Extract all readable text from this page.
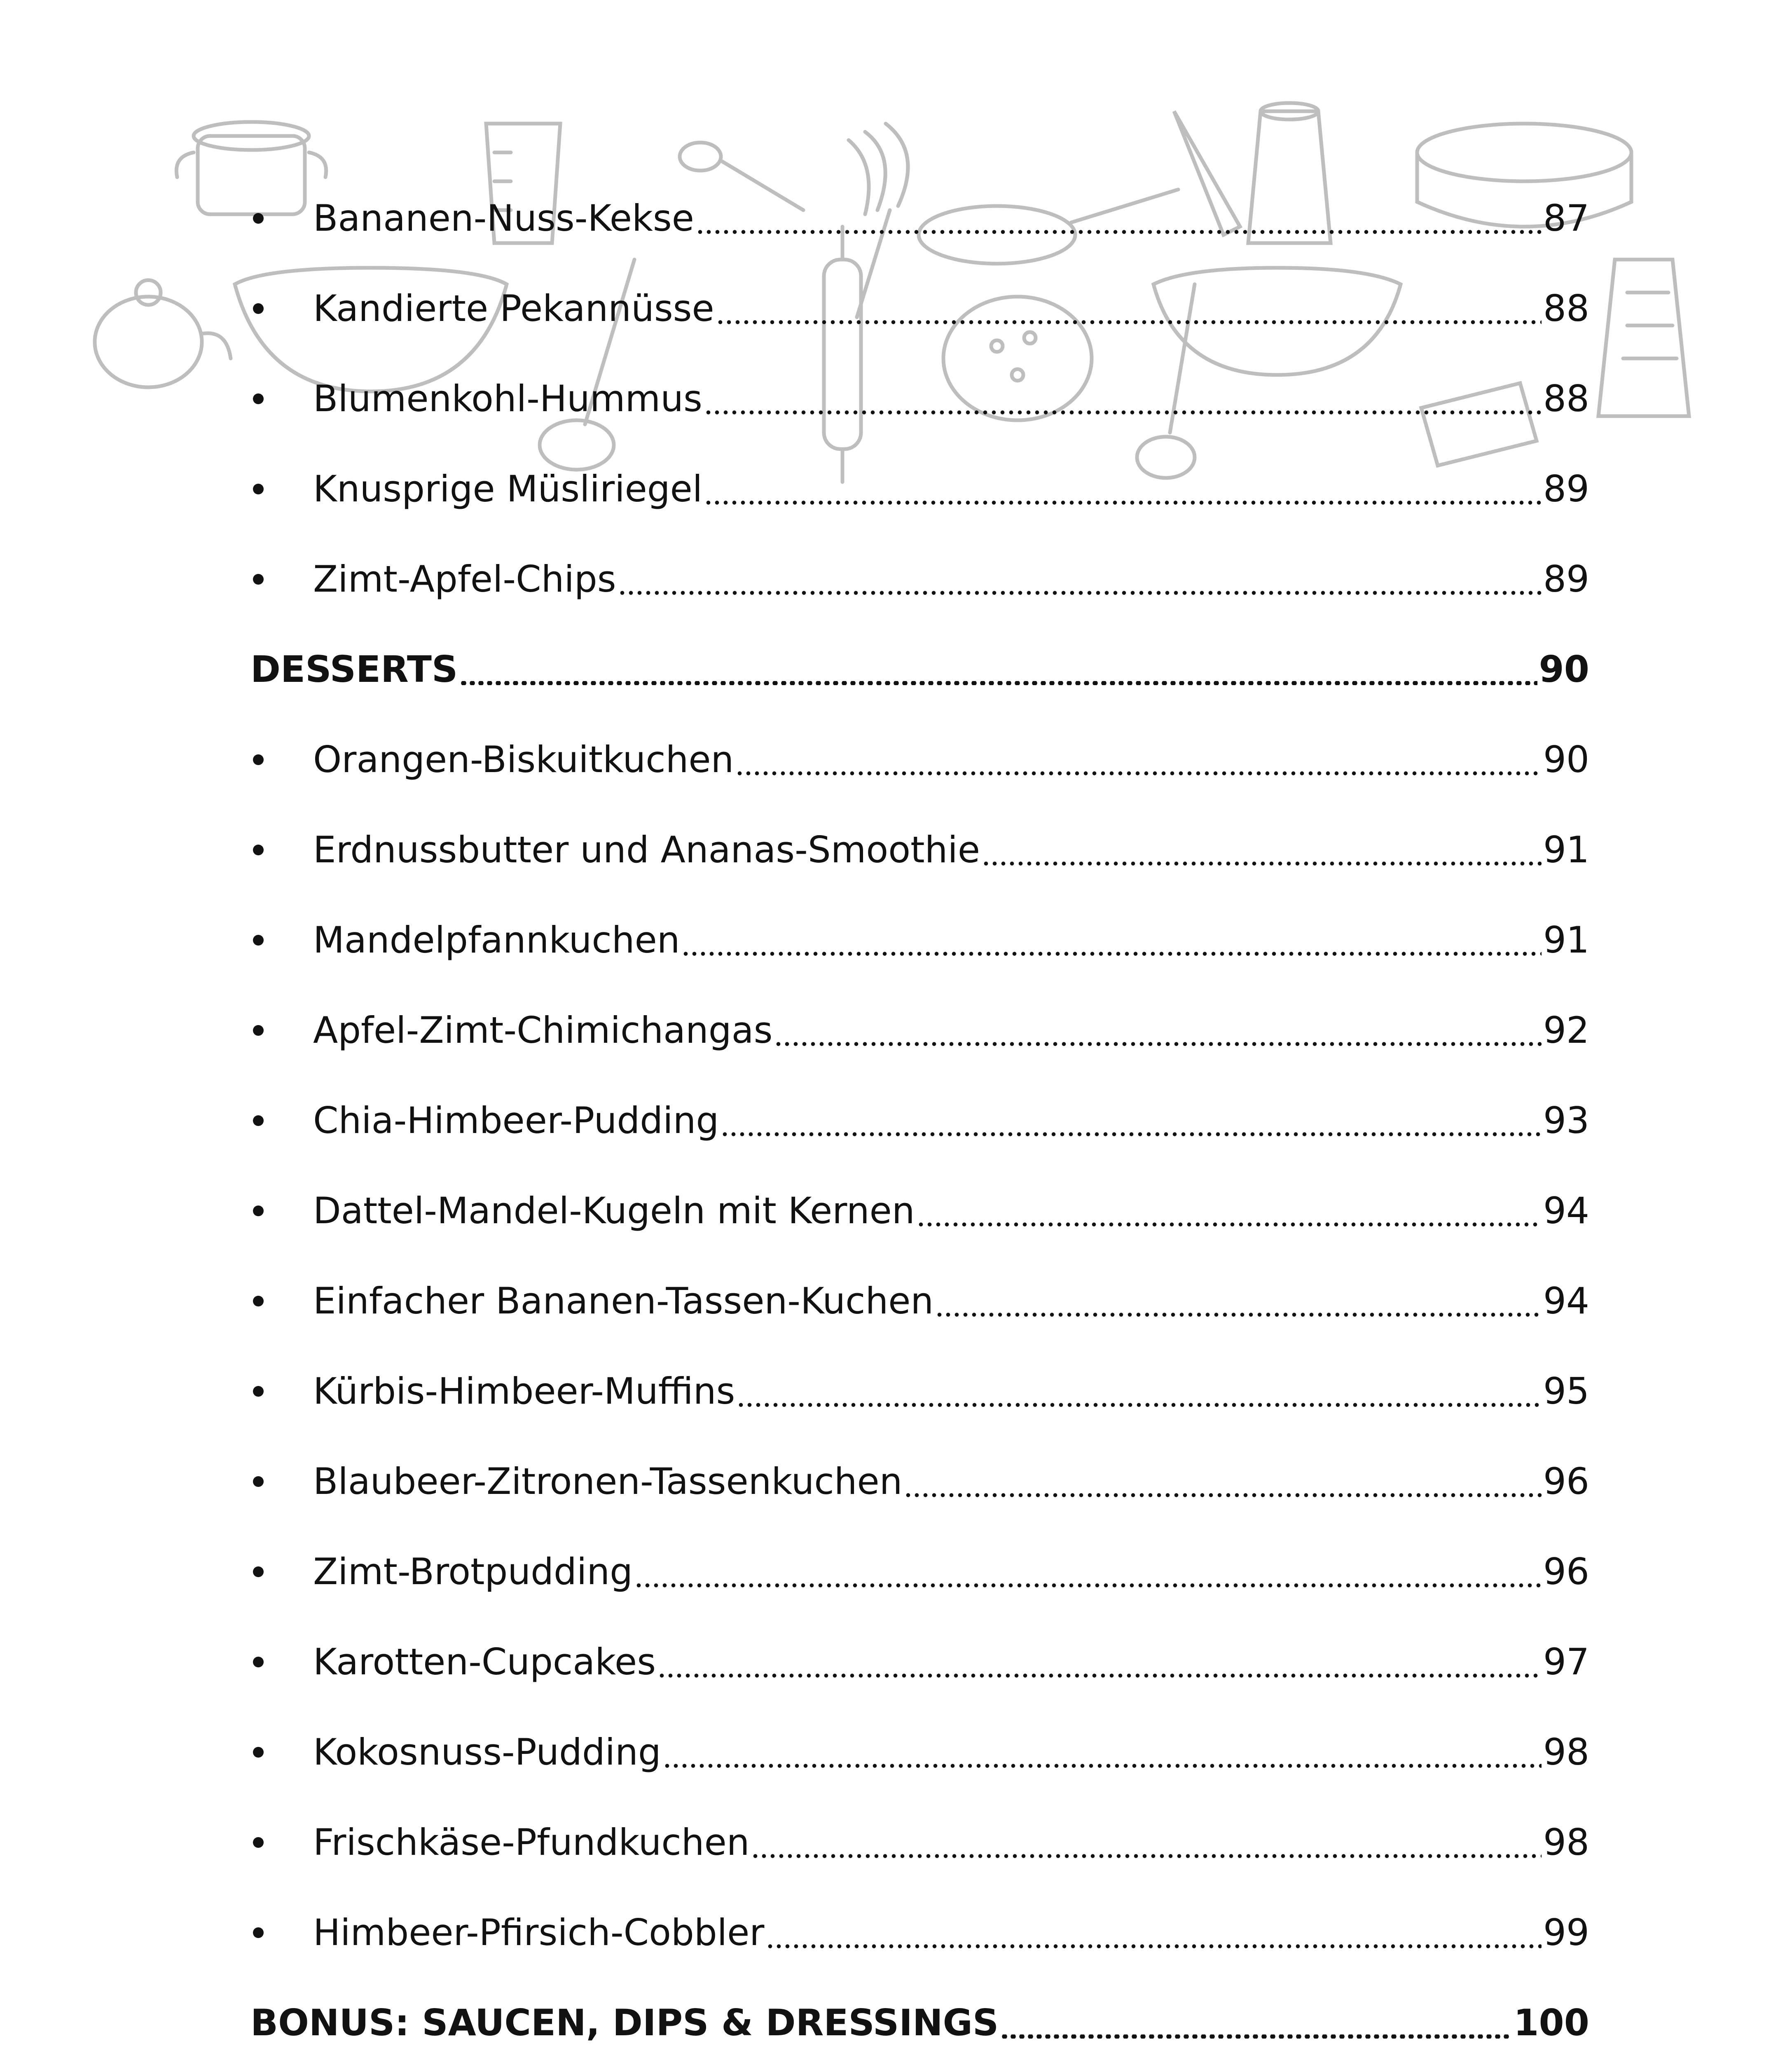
Bananen-Nuss-Kekse	87
Kandierte Pekannüsse	88
Blumenkohl-Hummus	88
Knusprige Müsliriegel	89
Zimt-Apfel-Chips	89
DESSERTS	90
Orangen-Biskuitkuchen	90
Erdnussbutter und Ananas-Smoothie	91
Mandelpfannkuchen	91
Apfel-Zimt-Chimichangas	92
Chia-Himbeer-Pudding	93
Dattel-Mandel-Kugeln mit Kernen	94
Einfacher Bananen-Tassen-Kuchen	94
Kürbis-Himbeer-Muffins	95
Blaubeer-Zitronen-Tassenkuchen	96
Zimt-Brotpudding	96
Karotten-Cupcakes	97
Kokosnuss-Pudding	98
Frischkäse-Pfundkuchen	98
Himbeer-Pfirsich-Cobbler	99
BONUS: SAUCEN, DIPS & DRESSINGS	100
